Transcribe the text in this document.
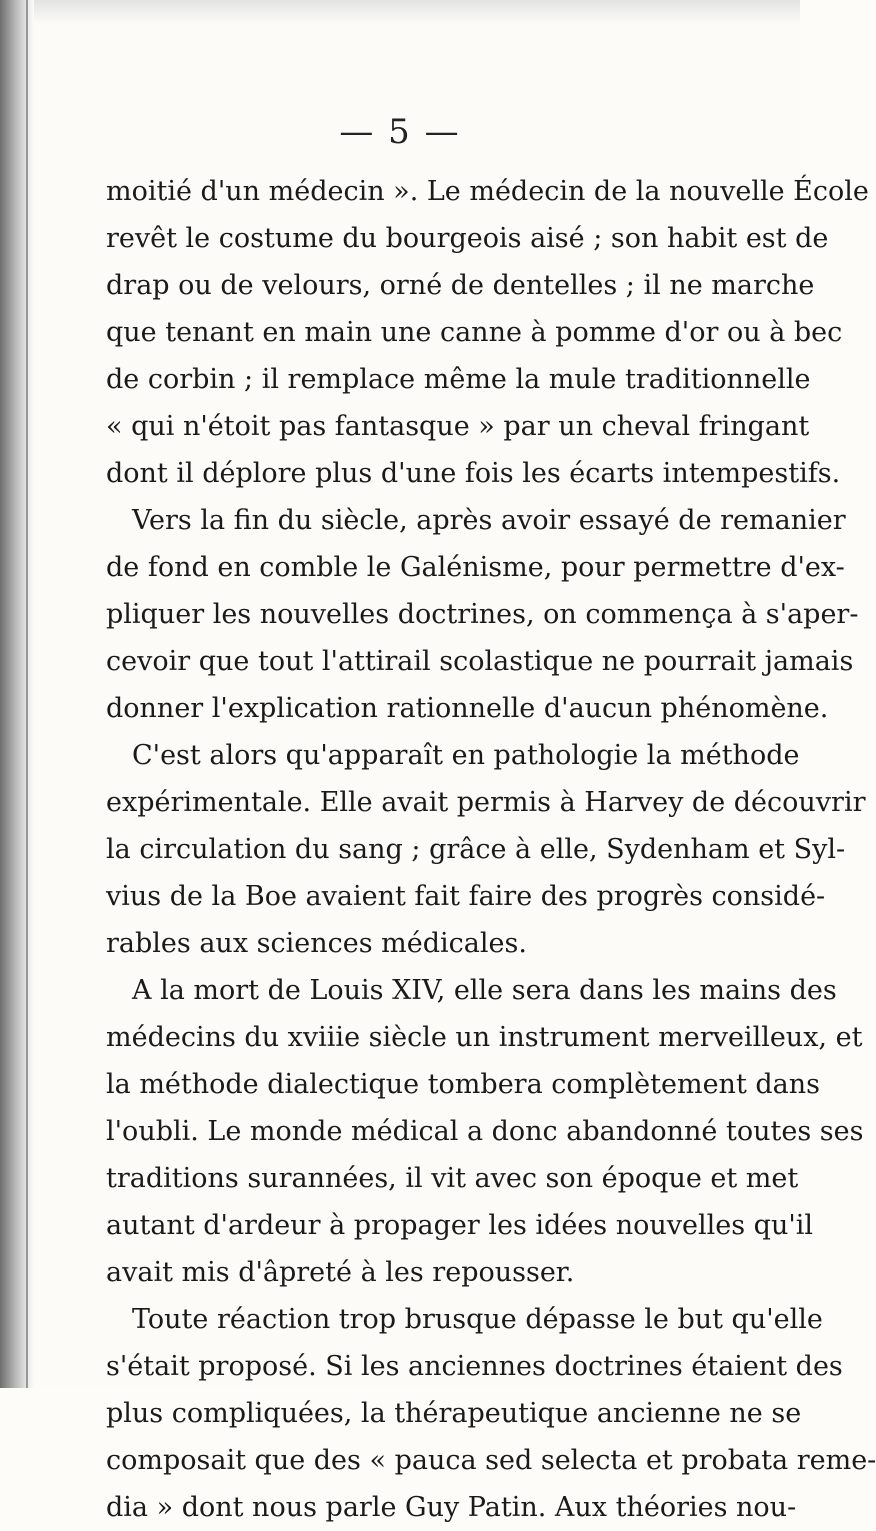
— 5 —
moitié d'un médecin ». Le médecin de la nouvelle École
revêt le costume du bourgeois aisé ; son habit est de
drap ou de velours, orné de dentelles ; il ne marche
que tenant en main une canne à pomme d'or ou à bec
de corbin ; il remplace même la mule traditionnelle
« qui n'étoit pas fantasque » par un cheval fringant
dont il déplore plus d'une fois les écarts intempestifs.
Vers la fin du siècle, après avoir essayé de remanier
de fond en comble le Galénisme, pour permettre d'ex-
pliquer les nouvelles doctrines, on commença à s'aper-
cevoir que tout l'attirail scolastique ne pourrait jamais
donner l'explication rationnelle d'aucun phénomène.
C'est alors qu'apparaît en pathologie la méthode
expérimentale. Elle avait permis à Harvey de découvrir
la circulation du sang ; grâce à elle, Sydenham et Syl-
vius de la Boe avaient fait faire des progrès considé-
rables aux sciences médicales.
A la mort de Louis XIV, elle sera dans les mains des
médecins du xviiie siècle un instrument merveilleux, et
la méthode dialectique tombera complètement dans
l'oubli. Le monde médical a donc abandonné toutes ses
traditions surannées, il vit avec son époque et met
autant d'ardeur à propager les idées nouvelles qu'il
avait mis d'âpreté à les repousser.
Toute réaction trop brusque dépasse le but qu'elle
s'était proposé. Si les anciennes doctrines étaient des
plus compliquées, la thérapeutique ancienne ne se
composait que des « pauca sed selecta et probata reme-
dia » dont nous parle Guy Patin. Aux théories nou-
